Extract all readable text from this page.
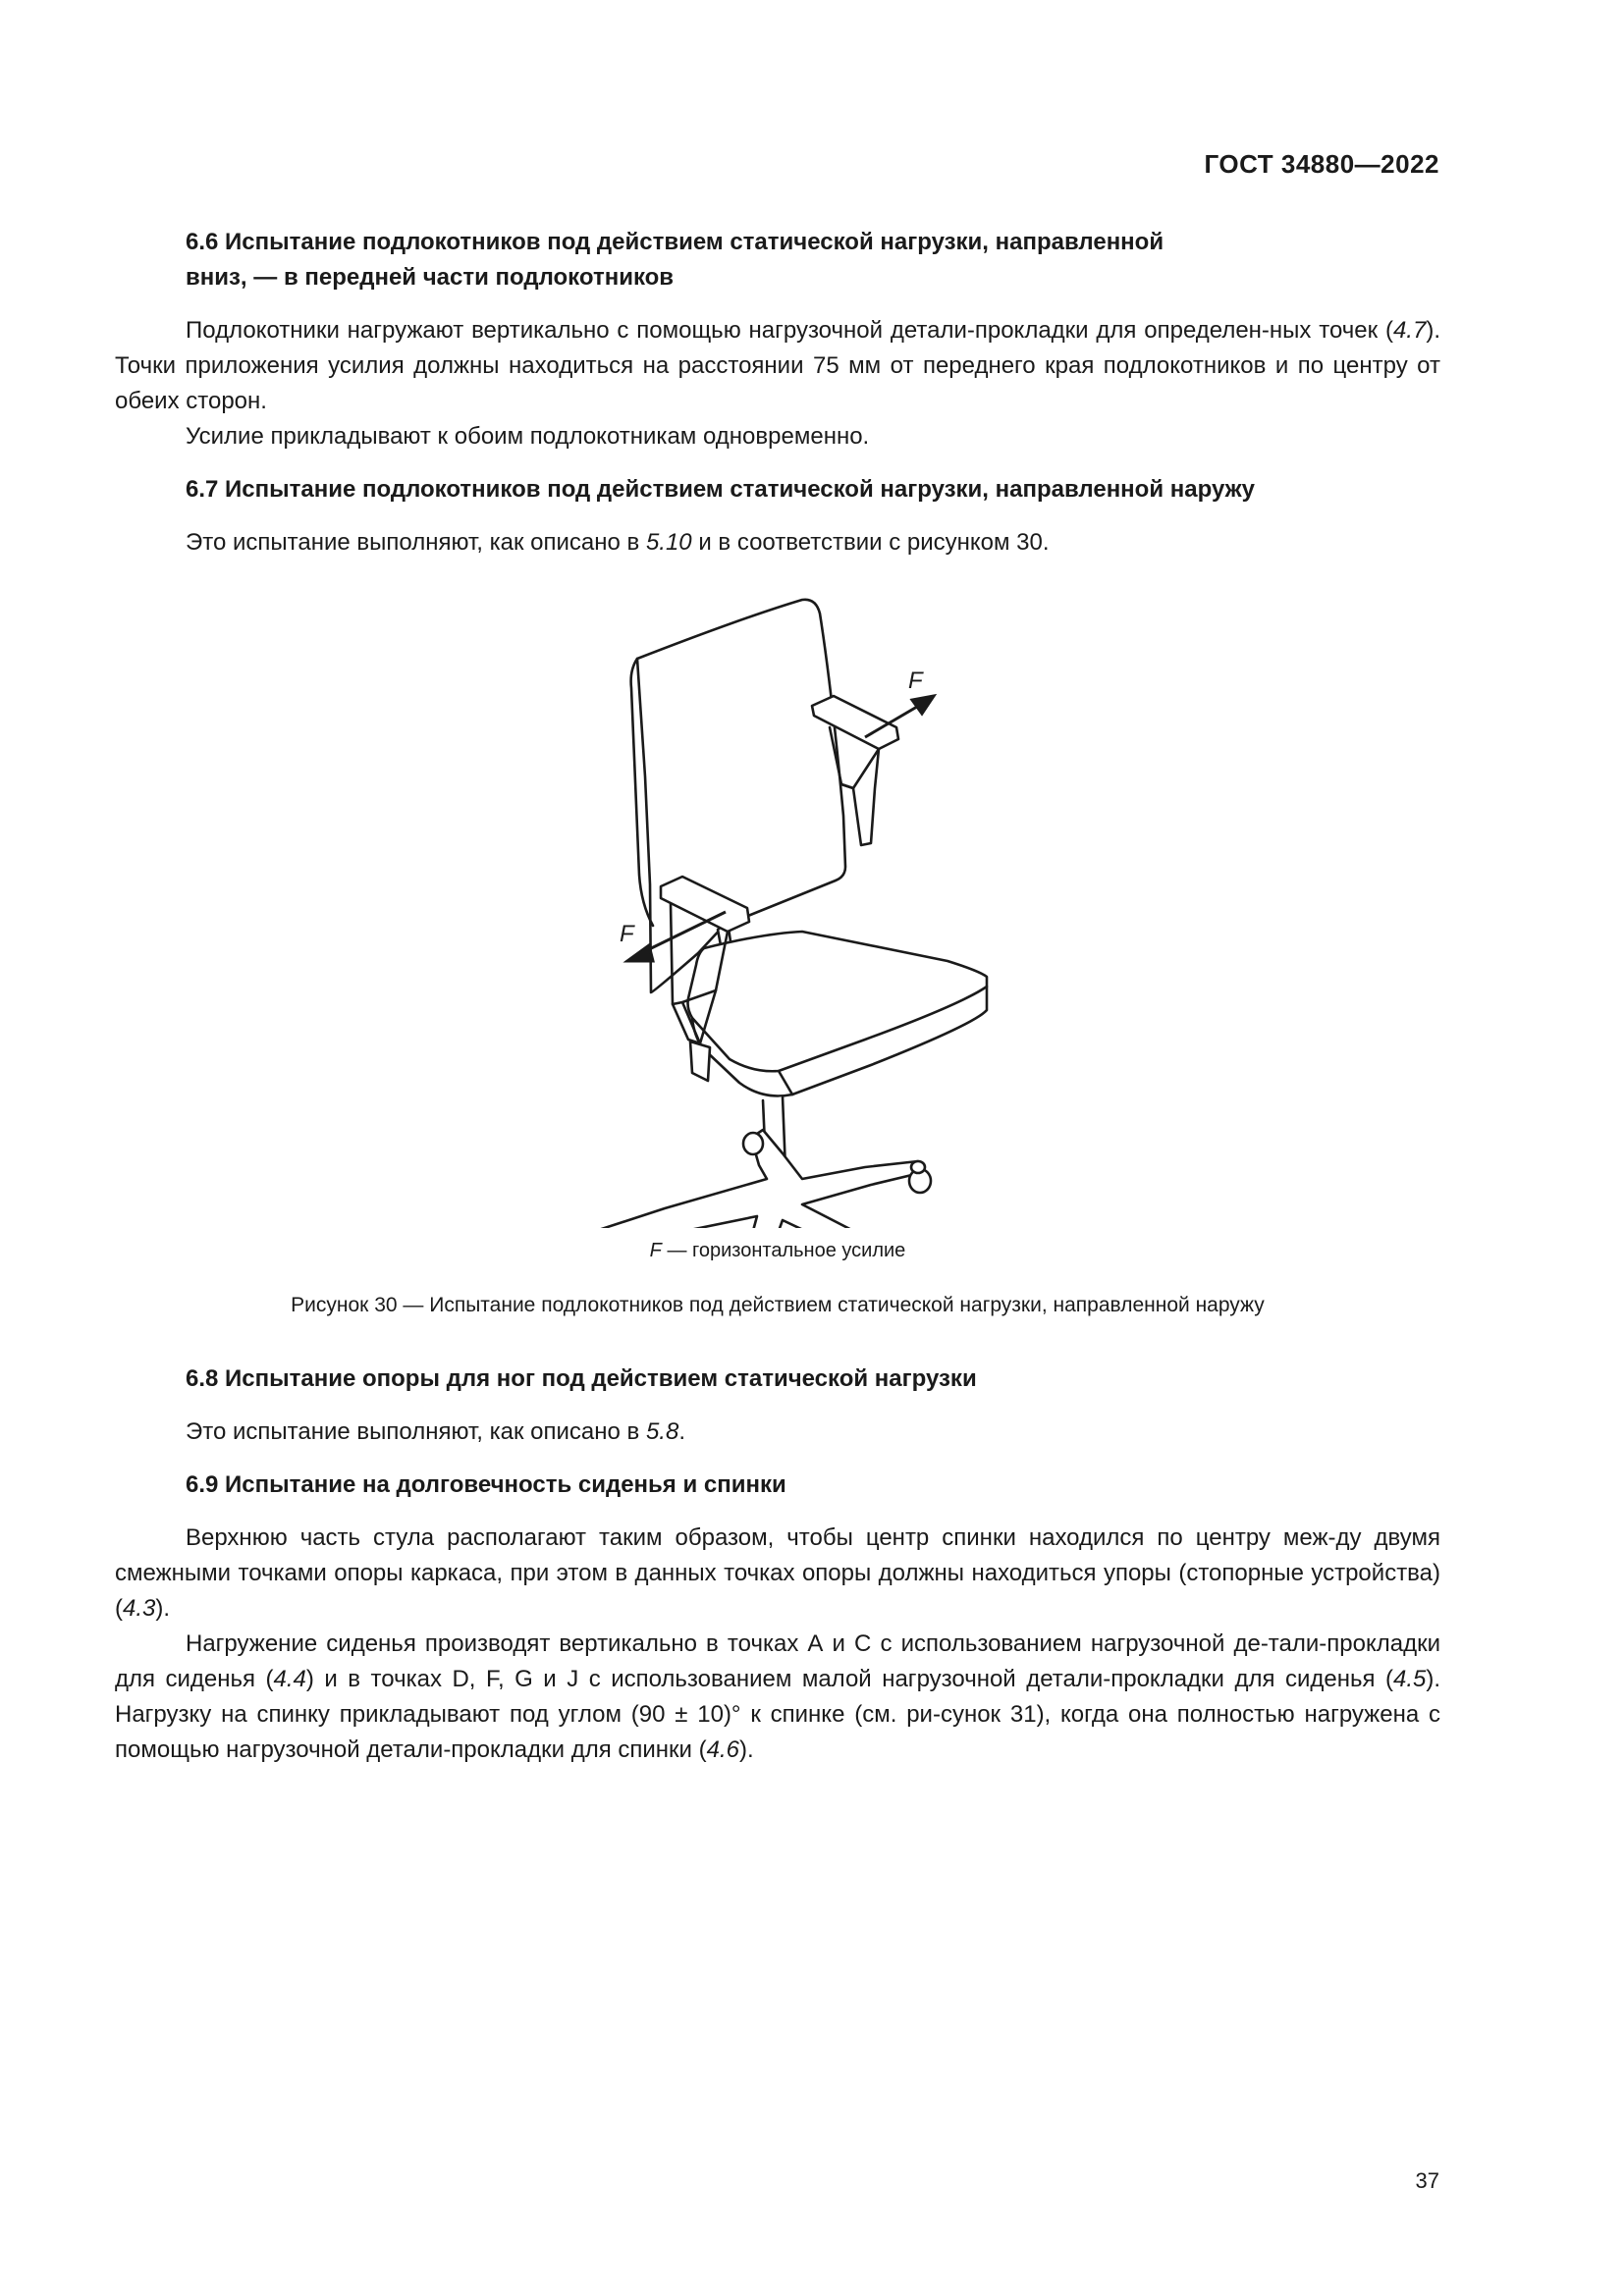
ГОСТ 34880—2022
6.6 Испытание подлокотников под действием статической нагрузки, направленной
вниз, — в передней части подлокотников

Подлокотники нагружают вертикально с помощью нагрузочной детали-прокладки для определен-ных точек (4.7). Точки приложения усилия должны находиться на расстоянии 75 мм от переднего края подлокотников и по центру от обеих сторон.

Усилие прикладывают к обоим подлокотникам одновременно.

6.7 Испытание подлокотников под действием статической нагрузки, направленной наружу

Это испытание выполняют, как описано в 5.10 и в соответствии с рисунком 30.

F
F
F — горизонтальное усилие
Рисунок 30 — Испытание подлокотников под действием статической нагрузки, направленной наружу
6.8 Испытание опоры для ног под действием статической нагрузки

Это испытание выполняют, как описано в 5.8.

6.9 Испытание на долговечность сиденья и спинки

Верхнюю часть стула располагают таким образом, чтобы центр спинки находился по центру меж-ду двумя смежными точками опоры каркаса, при этом в данных точках опоры должны находиться упоры (стопорные устройства) (4.3).

Нагружение сиденья производят вертикально в точках А и С с использованием нагрузочной де-тали-прокладки для сиденья (4.4) и в точках D, F, G и J с использованием малой нагрузочной детали-прокладки для сиденья (4.5). Нагрузку на спинку прикладывают под углом (90 ± 10)° к спинке (см. ри-сунок 31), когда она полностью нагружена с помощью нагрузочной детали-прокладки для спинки (4.6).

37
